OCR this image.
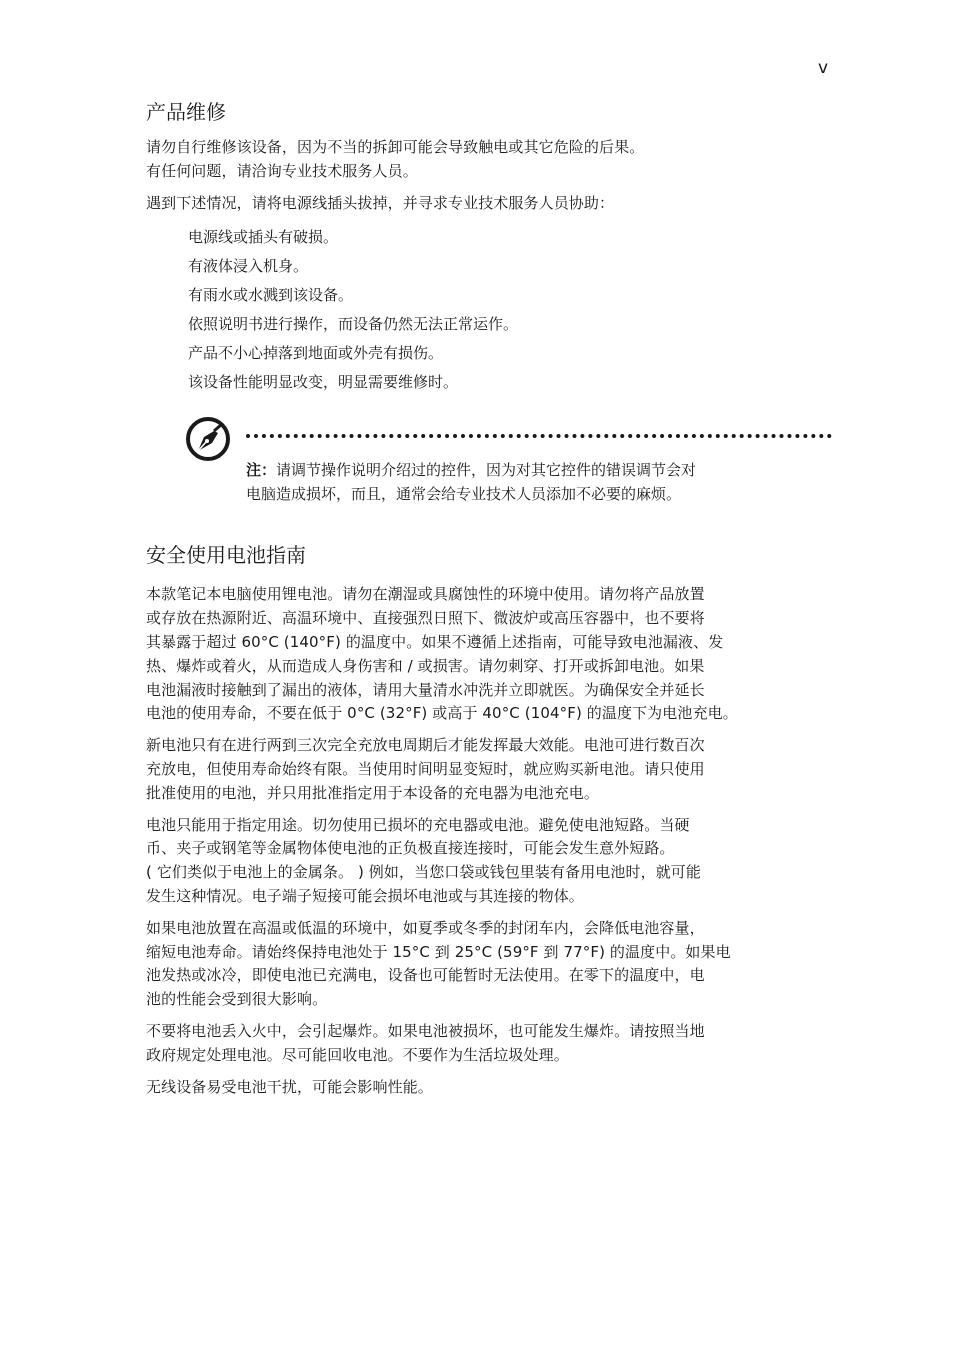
v
产品维修

请勿自行维修该设备，因为不当的拆卸可能会导致触电或其它危险的后果。
有任何问题，请洽询专业技术服务人员。

遇到下述情况，请将电源线插头拔掉，并寻求专业技术服务人员协助：

电源线或插头有破损。
有液体浸入机身。
有雨水或水溅到该设备。
依照说明书进行操作，而设备仍然无法正常运作。
产品不小心掉落到地面或外壳有损伤。
该设备性能明显改变，明显需要维修时。
注：请调节操作说明介绍过的控件，因为对其它控件的错误调节会对
电脑造成损坏，而且，通常会给专业技术人员添加不必要的麻烦。
安全使用电池指南

本款笔记本电脑使用锂电池。请勿在潮湿或具腐蚀性的环境中使用。请勿将产品放置
或存放在热源附近、高温环境中、直接强烈日照下、微波炉或高压容器中，也不要将
其暴露于超过 60°C (140°F) 的温度中。如果不遵循上述指南，可能导致电池漏液、发
热、爆炸或着火，从而造成人身伤害和 / 或损害。请勿刺穿、打开或拆卸电池。如果
电池漏液时接触到了漏出的液体，请用大量清水冲洗并立即就医。为确保安全并延长
电池的使用寿命，不要在低于 0°C (32°F) 或高于 40°C (104°F) 的温度下为电池充电。

新电池只有在进行两到三次完全充放电周期后才能发挥最大效能。电池可进行数百次
充放电，但使用寿命始终有限。当使用时间明显变短时，就应购买新电池。请只使用
批准使用的电池，并只用批准指定用于本设备的充电器为电池充电。

电池只能用于指定用途。切勿使用已损坏的充电器或电池。避免使电池短路。当硬
币、夹子或钢笔等金属物体使电池的正负极直接连接时，可能会发生意外短路。
( 它们类似于电池上的金属条。 ) 例如，当您口袋或钱包里装有备用电池时，就可能
发生这种情况。电子端子短接可能会损坏电池或与其连接的物体。

如果电池放置在高温或低温的环境中，如夏季或冬季的封闭车内，会降低电池容量，
缩短电池寿命。请始终保持电池处于 15°C 到 25°C (59°F 到 77°F) 的温度中。如果电
池发热或冰冷，即使电池已充满电，设备也可能暂时无法使用。在零下的温度中，电
池的性能会受到很大影响。

不要将电池丢入火中，会引起爆炸。如果电池被损坏，也可能发生爆炸。请按照当地
政府规定处理电池。尽可能回收电池。不要作为生活垃圾处理。

无线设备易受电池干扰，可能会影响性能。
